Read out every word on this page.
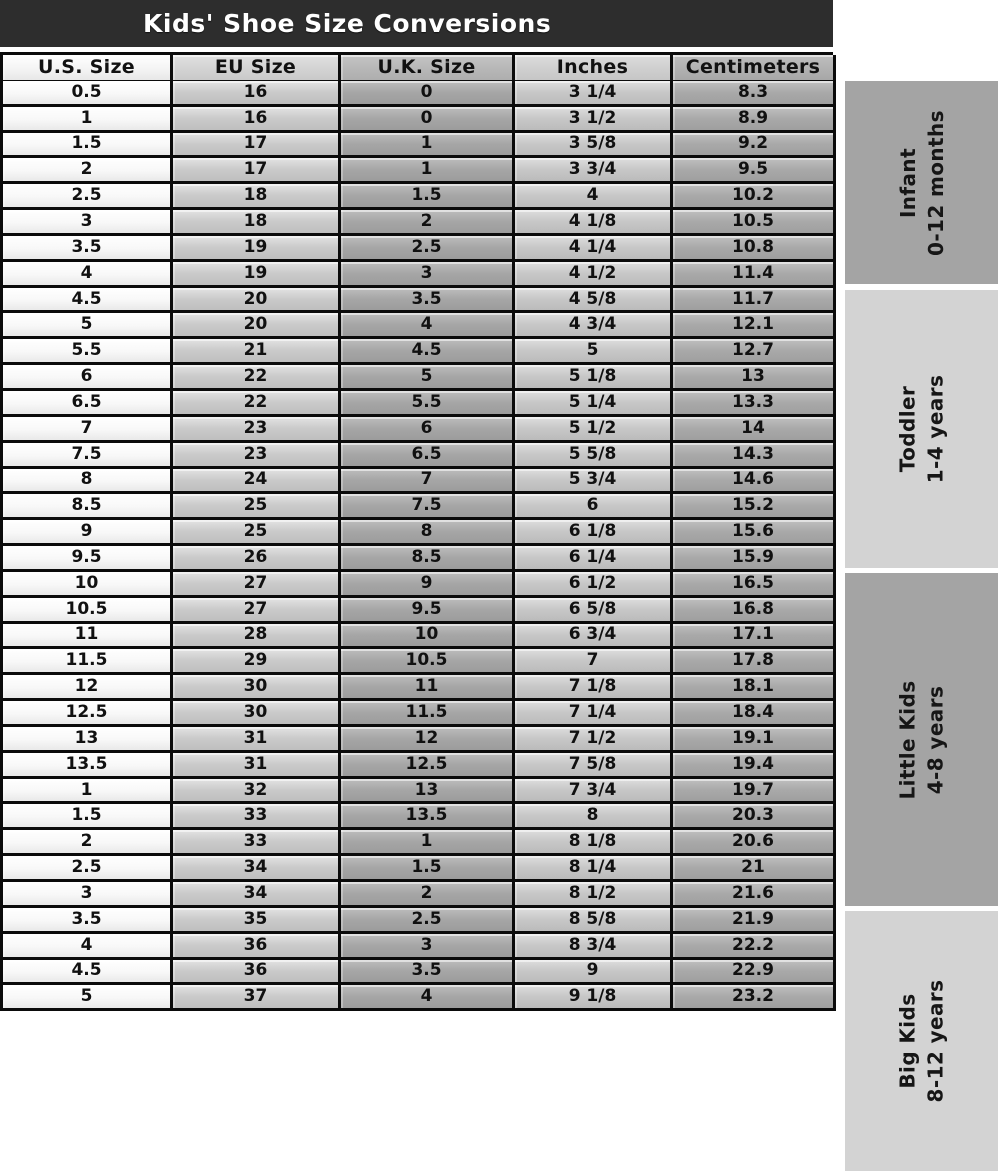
Kids' Shoe Size Conversions
U.S. Size	EU Size	U.K. Size	Inches	Centimeters
0.5	16	0	3 1/4	8.3
1	16	0	3 1/2	8.9
1.5	17	1	3 5/8	9.2
2	17	1	3 3/4	9.5
2.5	18	1.5	4	10.2
3	18	2	4 1/8	10.5
3.5	19	2.5	4 1/4	10.8
4	19	3	4 1/2	11.4
4.5	20	3.5	4 5/8	11.7
5	20	4	4 3/4	12.1
5.5	21	4.5	5	12.7
6	22	5	5 1/8	13
6.5	22	5.5	5 1/4	13.3
7	23	6	5 1/2	14
7.5	23	6.5	5 5/8	14.3
8	24	7	5 3/4	14.6
8.5	25	7.5	6	15.2
9	25	8	6 1/8	15.6
9.5	26	8.5	6 1/4	15.9
10	27	9	6 1/2	16.5
10.5	27	9.5	6 5/8	16.8
11	28	10	6 3/4	17.1
11.5	29	10.5	7	17.8
12	30	11	7 1/8	18.1
12.5	30	11.5	7 1/4	18.4
13	31	12	7 1/2	19.1
13.5	31	12.5	7 5/8	19.4
1	32	13	7 3/4	19.7
1.5	33	13.5	8	20.3
2	33	1	8 1/8	20.6
2.5	34	1.5	8 1/4	21
3	34	2	8 1/2	21.6
3.5	35	2.5	8 5/8	21.9
4	36	3	8 3/4	22.2
4.5	36	3.5	9	22.9
5	37	4	9 1/8	23.2
Infant 0-12 months
Toddler 1-4 years
Little Kids 4-8 years
Big Kids 8-12 years
